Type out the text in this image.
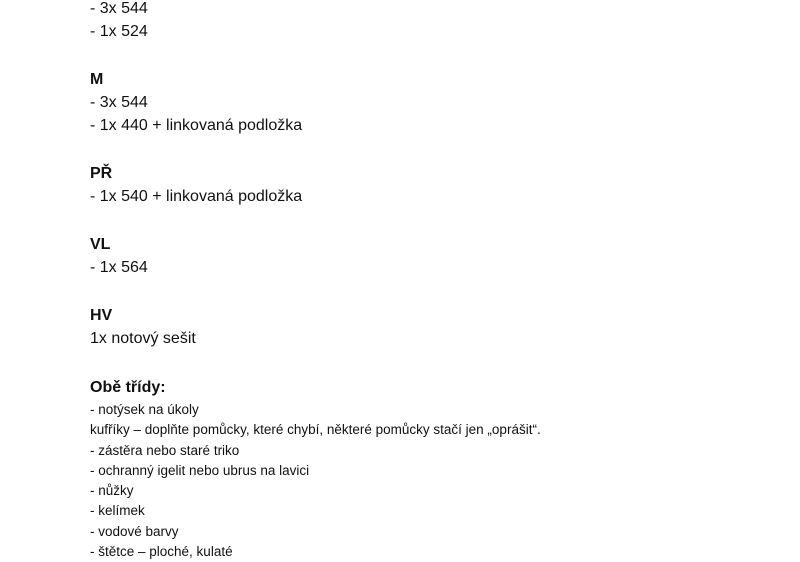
- 3x 544
- 1x 524
M
- 3x 544
- 1x 440 + linkovaná podložka
PŘ
- 1x 540 + linkovaná podložka
VL
- 1x 564
HV
1x notový sešit
Obě třídy:
- notýsek na úkoly
kufříky – doplňte pomůcky, které chybí, některé pomůcky stačí jen „oprášit“.
- zástěra nebo staré triko
- ochranný igelit nebo ubrus na lavici
- nůžky
- kelímek
- vodové barvy
- štětce – ploché, kulaté
